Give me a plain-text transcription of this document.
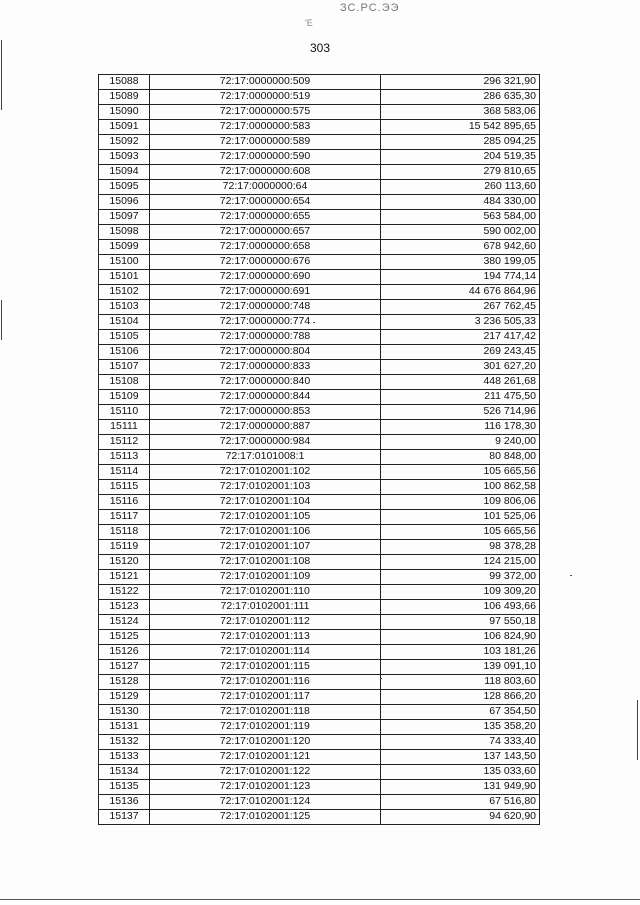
ЗС.РС.ЭЭ
'Е
303
15088	72:17:0000000:509	296 321,90
15089	72:17:0000000:519	286 635,30
15090	72:17:0000000:575	368 583,06
15091	72:17:0000000:583	15 542 895,65
15092	72:17:0000000:589	285 094,25
15093	72:17:0000000:590	204 519,35
15094	72:17:0000000:608	279 810,65
15095	72:17:0000000:64	260 113,60
15096	72:17:0000000:654	484 330,00
15097	72:17:0000000:655	563 584,00
15098	72:17:0000000:657	590 002,00
15099	72:17:0000000:658	678 942,60
15100	72:17:0000000:676	380 199,05
15101	72:17:0000000:690	194 774,14
15102	72:17:0000000:691	44 676 864,96
15103	72:17:0000000:748	267 762,45
15104	72:17:0000000:774	3 236 505,33
15105	72:17:0000000:788	217 417,42
15106	72:17:0000000:804	269 243,45
15107	72:17:0000000:833	301 627,20
15108	72:17:0000000:840	448 261,68
15109	72:17:0000000:844	211 475,50
15110	72:17:0000000:853	526 714,96
15111	72:17:0000000:887	116 178,30
15112	72:17:0000000:984	9 240,00
15113	72:17:0101008:1	80 848,00
15114	72:17:0102001:102	105 665,56
15115	72:17:0102001:103	100 862,58
15116	72:17:0102001:104	109 806,06
15117	72:17:0102001:105	101 525,06
15118	72:17:0102001:106	105 665,56
15119	72:17:0102001:107	98 378,28
15120	72:17:0102001:108	124 215,00
15121	72:17:0102001:109	99 372,00
15122	72:17:0102001:110	109 309,20
15123	72:17:0102001:111	106 493,66
15124	72:17:0102001:112	97 550,18
15125	72:17:0102001:113	106 824,90
15126	72:17:0102001:114	103 181,26
15127	72:17:0102001:115	139 091,10
15128	72:17:0102001:116	118 803,60
15129	72:17:0102001:117	128 866,20
15130	72:17:0102001:118	67 354,50
15131	72:17:0102001:119	135 358,20
15132	72:17:0102001:120	74 333,40
15133	72:17:0102001:121	137 143,50
15134	72:17:0102001:122	135 033,60
15135	72:17:0102001:123	131 949,90
15136	72:17:0102001:124	67 516,80
15137	72:17:0102001:125	94 620,90
